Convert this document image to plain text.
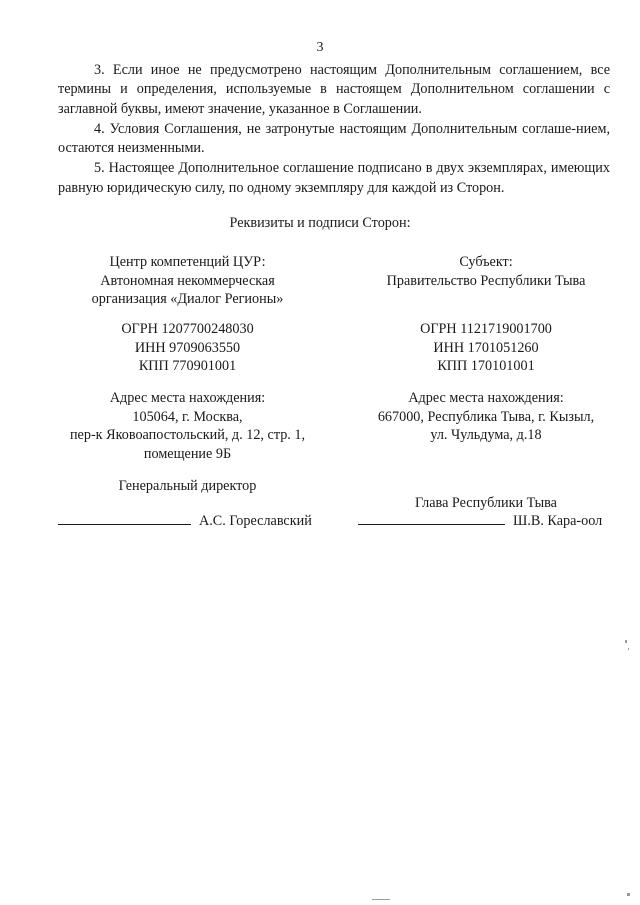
3

3. Если иное не предусмотрено настоящим Дополнительным соглашением, все термины и определения, используемые в настоящем Дополнительном соглашении с заглавной буквы, имеют значение, указанное в Соглашении.

4. Условия Соглашения, не затронутые настоящим Дополнительным соглаше-нием, остаются неизменными.

5. Настоящее Дополнительное соглашение подписано в двух экземплярах, имеющих равную юридическую силу, по одному экземпляру для каждой из Сторон.

Реквизиты и подписи Сторон:
Центр компетенций ЦУР:
Автономная некоммерческая
организация «Диалог Регионы»
ОГРН 1207700248030
ИНН 9709063550
КПП 770901001
Адрес места нахождения:
105064, г. Москва,
пер-к Яковоапостольский, д. 12, стр. 1,
помещение 9Б
Генеральный директор
А.С. Гореславский
Субъект:
Правительство Республики Тыва
ОГРН 1121719001700
ИНН 1701051260
КПП 170101001
Адрес места нахождения:
667000, Республика Тыва, г. Кызыл,
ул. Чульдума, д.18
Глава Республики Тыва
Ш.В. Кара-оол
